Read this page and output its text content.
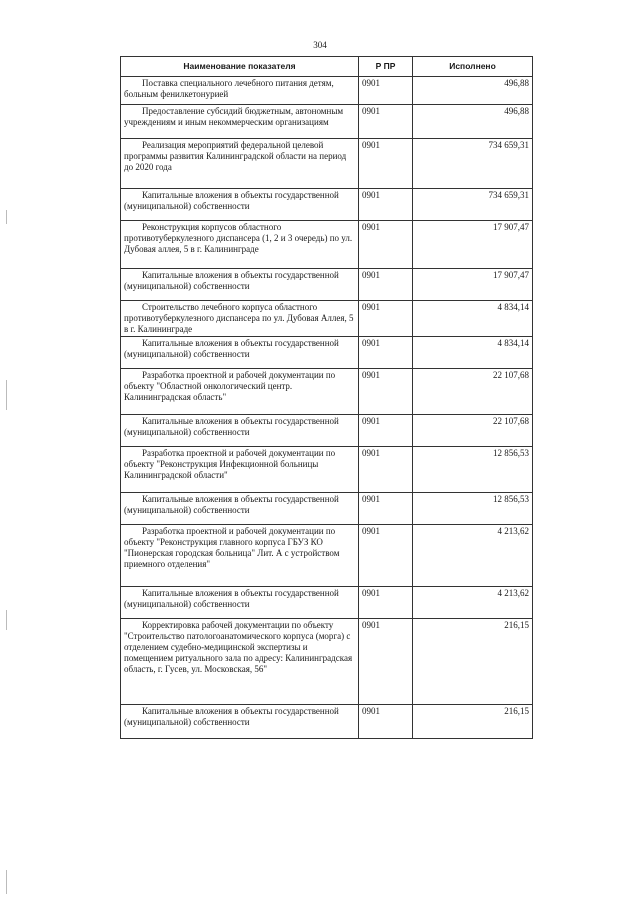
304
Наименование показателя	Р ПР	Исполнено
Поставка специального лечебного питания детям, больным фенилкетонурией	0901	496,88
Предоставление субсидий бюджетным, автономным учреждениям и иным некоммерческим организациям	0901	496,88
Реализация мероприятий федеральной целевой программы развития Калининградской области на период до 2020 года	0901	734 659,31
Капитальные вложения в объекты государственной (муниципальной) собственности	0901	734 659,31
Реконструкция корпусов областного противотуберкулезного диспансера (1, 2 и 3 очередь) по ул. Дубовая аллея, 5 в г. Калининграде	0901	17 907,47
Капитальные вложения в объекты государственной (муниципальной) собственности	0901	17 907,47
Строительство лечебного корпуса областного противотуберкулезного диспансера по ул. Дубовая Аллея, 5 в г. Калининграде	0901	4 834,14
Капитальные вложения в объекты государственной (муниципальной) собственности	0901	4 834,14
Разработка проектной и рабочей документации по объекту "Областной онкологический центр. Калининградская область"	0901	22 107,68
Капитальные вложения в объекты государственной (муниципальной) собственности	0901	22 107,68
Разработка проектной и рабочей документации по объекту "Реконструкция Инфекционной больницы Калининградской области"	0901	12 856,53
Капитальные вложения в объекты государственной (муниципальной) собственности	0901	12 856,53
Разработка проектной и рабочей документации по объекту "Реконструкция главного корпуса ГБУЗ КО "Пионерская городская больница" Лит. А с устройством приемного отделения"	0901	4 213,62
Капитальные вложения в объекты государственной (муниципальной) собственности	0901	4 213,62
Корректировка рабочей документации по объекту "Строительство патологоанатомического корпуса (морга) с отделением судебно-медицинской экспертизы и помещением ритуального зала по адресу: Калининградская область, г. Гусев, ул. Московская, 56"	0901	216,15
Капитальные вложения в объекты государственной (муниципальной) собственности	0901	216,15
